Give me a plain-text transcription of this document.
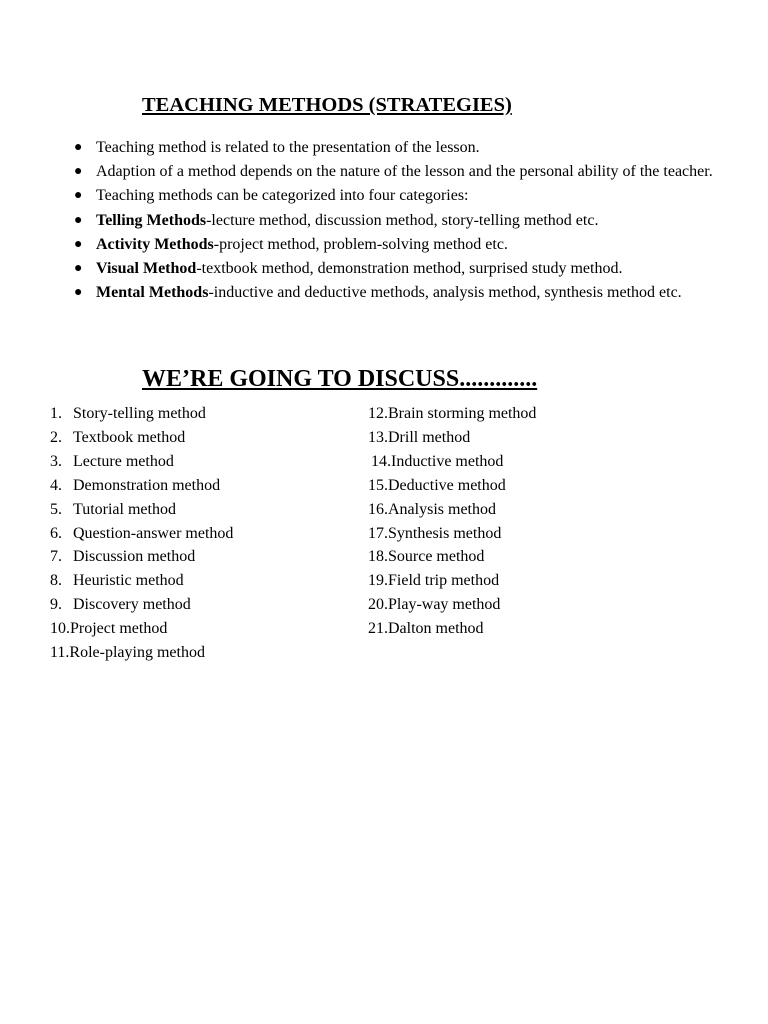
TEACHING METHODS (STRATEGIES)
● Teaching method is related to the presentation of the lesson.
● Adaption of a method depends on the nature of the lesson and the personal ability of the teacher.
● Teaching methods can be categorized into four categories:
● Telling Methods-lecture method, discussion method, story-telling method etc.
● Activity Methods-project method, problem-solving method etc.
● Visual Method-textbook method, demonstration method, surprised study method.
● Mental Methods-inductive and deductive methods, analysis method, synthesis method etc.
WE’RE GOING TO DISCUSS.............
1. Story-telling method
2. Textbook method
3. Lecture method
4. Demonstration method
5. Tutorial method
6. Question-answer method
7. Discussion method
8. Heuristic method
9. Discovery method
10.Project method
11.Role-playing method
12.Brain storming method
13.Drill method
14.Inductive method
15.Deductive method
16.Analysis method
17.Synthesis method
18.Source method
19.Field trip method
20.Play-way method
21.Dalton method
